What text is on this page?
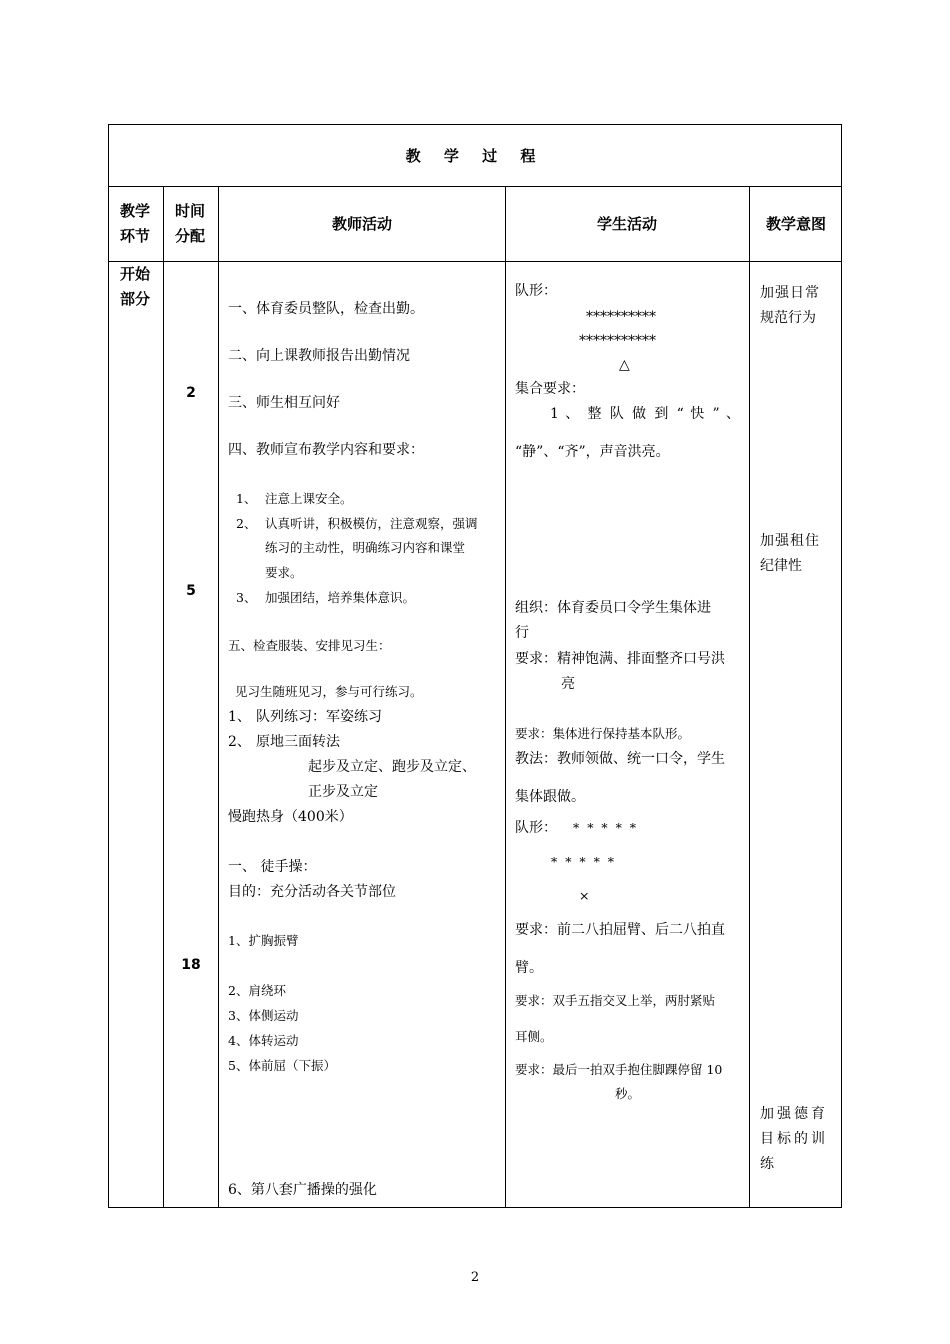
教 学 过 程
教学
环节
时间
分配
教师活动	学生活动	教学意图
开始
部分
2
5
18
一、体育委员整队，检查出勤。
二、向上课教师报告出勤情况
三、师生相互问好
四、教师宣布教学内容和要求：
1、 注意上课安全。
2、 认真听讲，积极模仿，注意观察，强调
练习的主动性，明确练习内容和课堂
要求。
3、 加强团结，培养集体意识。
五、检查服装、安排见习生：
见习生随班见习，参与可行练习。
1、 队列练习：军姿练习
2、 原地三面转法
起步及立定、跑步及立定、
正步及立定
慢跑热身（400米）
一、 徒手操：
目的：充分活动各关节部位
1、扩胸振臂
2、肩绕环
3、体侧运动
4、体转运动
5、体前屈（下振）
6、第八套广播操的强化
队形：
**********
***********
△
集合要求：
1 、 整 队 做 到 “ 快 ” 、
“静”、“齐”，声音洪亮。
组织：体育委员口令学生集体进
行
要求：精神饱满、排面整齐口号洪
亮
要求：集体进行保持基本队形。
教法：教师领做、统一口令，学生
集体跟做。
队形： *  *  *  *  *
*  *  *  *  *
×
要求：前二八拍屈臂、后二八拍直
臂。
要求：双手五指交叉上举，两肘紧贴
耳侧。
要求：最后一拍双手抱住脚踝停留 10
秒。
加强日常
规范行为
加强租住
纪律性
加强德育
目标的训
练
2
